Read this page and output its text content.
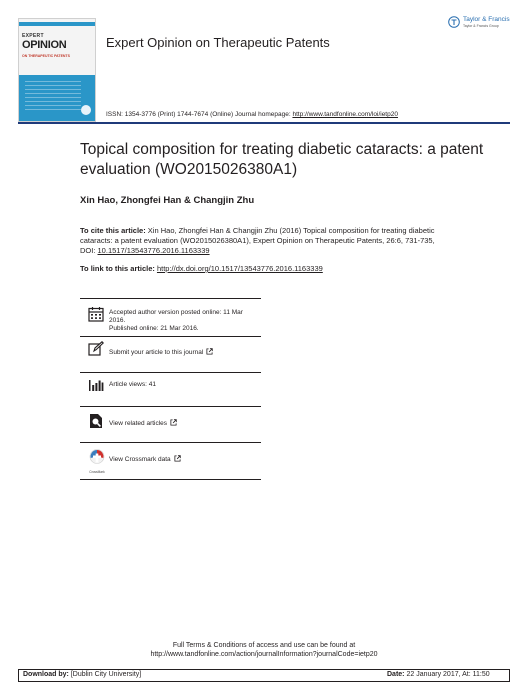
EXPERT
OPINION
ON THERAPEUTIC PATENTS
Expert Opinion on Therapeutic Patents
Taylor & Francis
Taylor & Francis Group
ISSN: 1354-3776 (Print) 1744-7674 (Online) Journal homepage: http://www.tandfonline.com/loi/ietp20
Topical composition for treating diabetic cataracts: a patent evaluation (WO2015026380A1)
Xin Hao, Zhongfei Han & Changjin Zhu
To cite this article: Xin Hao, Zhongfei Han & Changjin Zhu (2016) Topical composition for treating diabetic cataracts: a patent evaluation (WO2015026380A1), Expert Opinion on Therapeutic Patents, 26:6, 731-735, DOI: 10.1517/13543776.2016.1163339
To link to this article: http://dx.doi.org/10.1517/13543776.2016.1163339
Accepted author version posted online: 11 Mar 2016.
Published online: 21 Mar 2016.
Submit your article to this journal
Article views: 41
View related articles
CrossMark
View Crossmark data
Full Terms & Conditions of access and use can be found at
http://www.tandfonline.com/action/journalInformation?journalCode=ietp20
Download by: [Dublin City University]	Date: 22 January 2017, At: 11:50
